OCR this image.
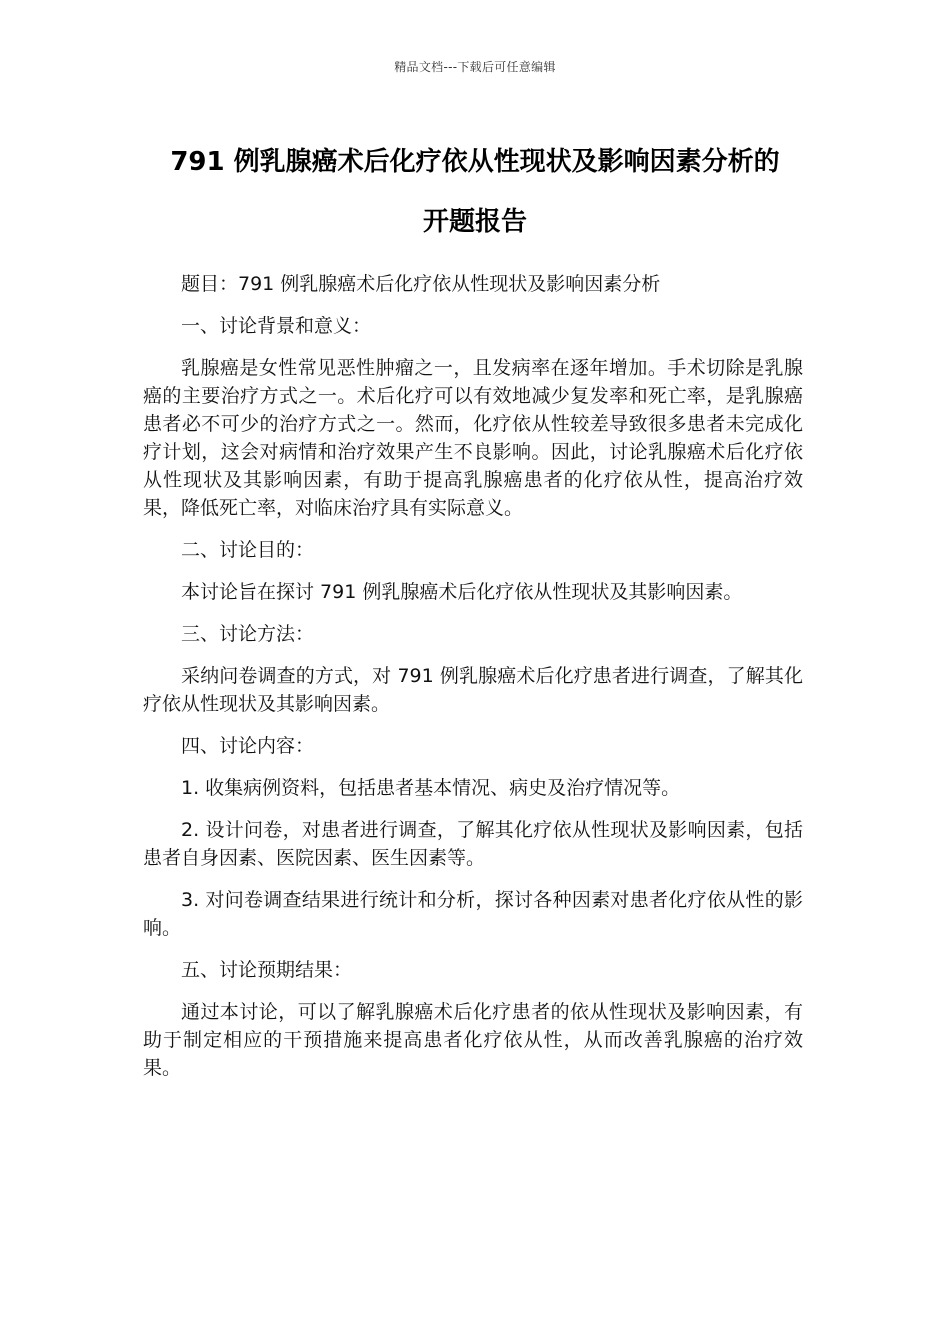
精品文档---下载后可任意编辑
791 例乳腺癌术后化疗依从性现状及影响因素分析的
开题报告

题目：791 例乳腺癌术后化疗依从性现状及影响因素分析

一、讨论背景和意义：

乳腺癌是女性常见恶性肿瘤之一，且发病率在逐年增加。手术切除是乳腺癌的主要治疗方式之一。术后化疗可以有效地减少复发率和死亡率，是乳腺癌患者必不可少的治疗方式之一。然而，化疗依从性较差导致很多患者未完成化疗计划，这会对病情和治疗效果产生不良影响。因此，讨论乳腺癌术后化疗依从性现状及其影响因素，有助于提高乳腺癌患者的化疗依从性，提高治疗效果，降低死亡率，对临床治疗具有实际意义。

二、讨论目的：

本讨论旨在探讨 791 例乳腺癌术后化疗依从性现状及其影响因素。

三、讨论方法：

采纳问卷调查的方式，对 791 例乳腺癌术后化疗患者进行调查，了解其化疗依从性现状及其影响因素。

四、讨论内容：

1. 收集病例资料，包括患者基本情况、病史及治疗情况等。

2. 设计问卷，对患者进行调查，了解其化疗依从性现状及影响因素，包括患者自身因素、医院因素、医生因素等。

3. 对问卷调查结果进行统计和分析，探讨各种因素对患者化疗依从性的影响。

五、讨论预期结果：

通过本讨论，可以了解乳腺癌术后化疗患者的依从性现状及影响因素，有助于制定相应的干预措施来提高患者化疗依从性，从而改善乳腺癌的治疗效果。
